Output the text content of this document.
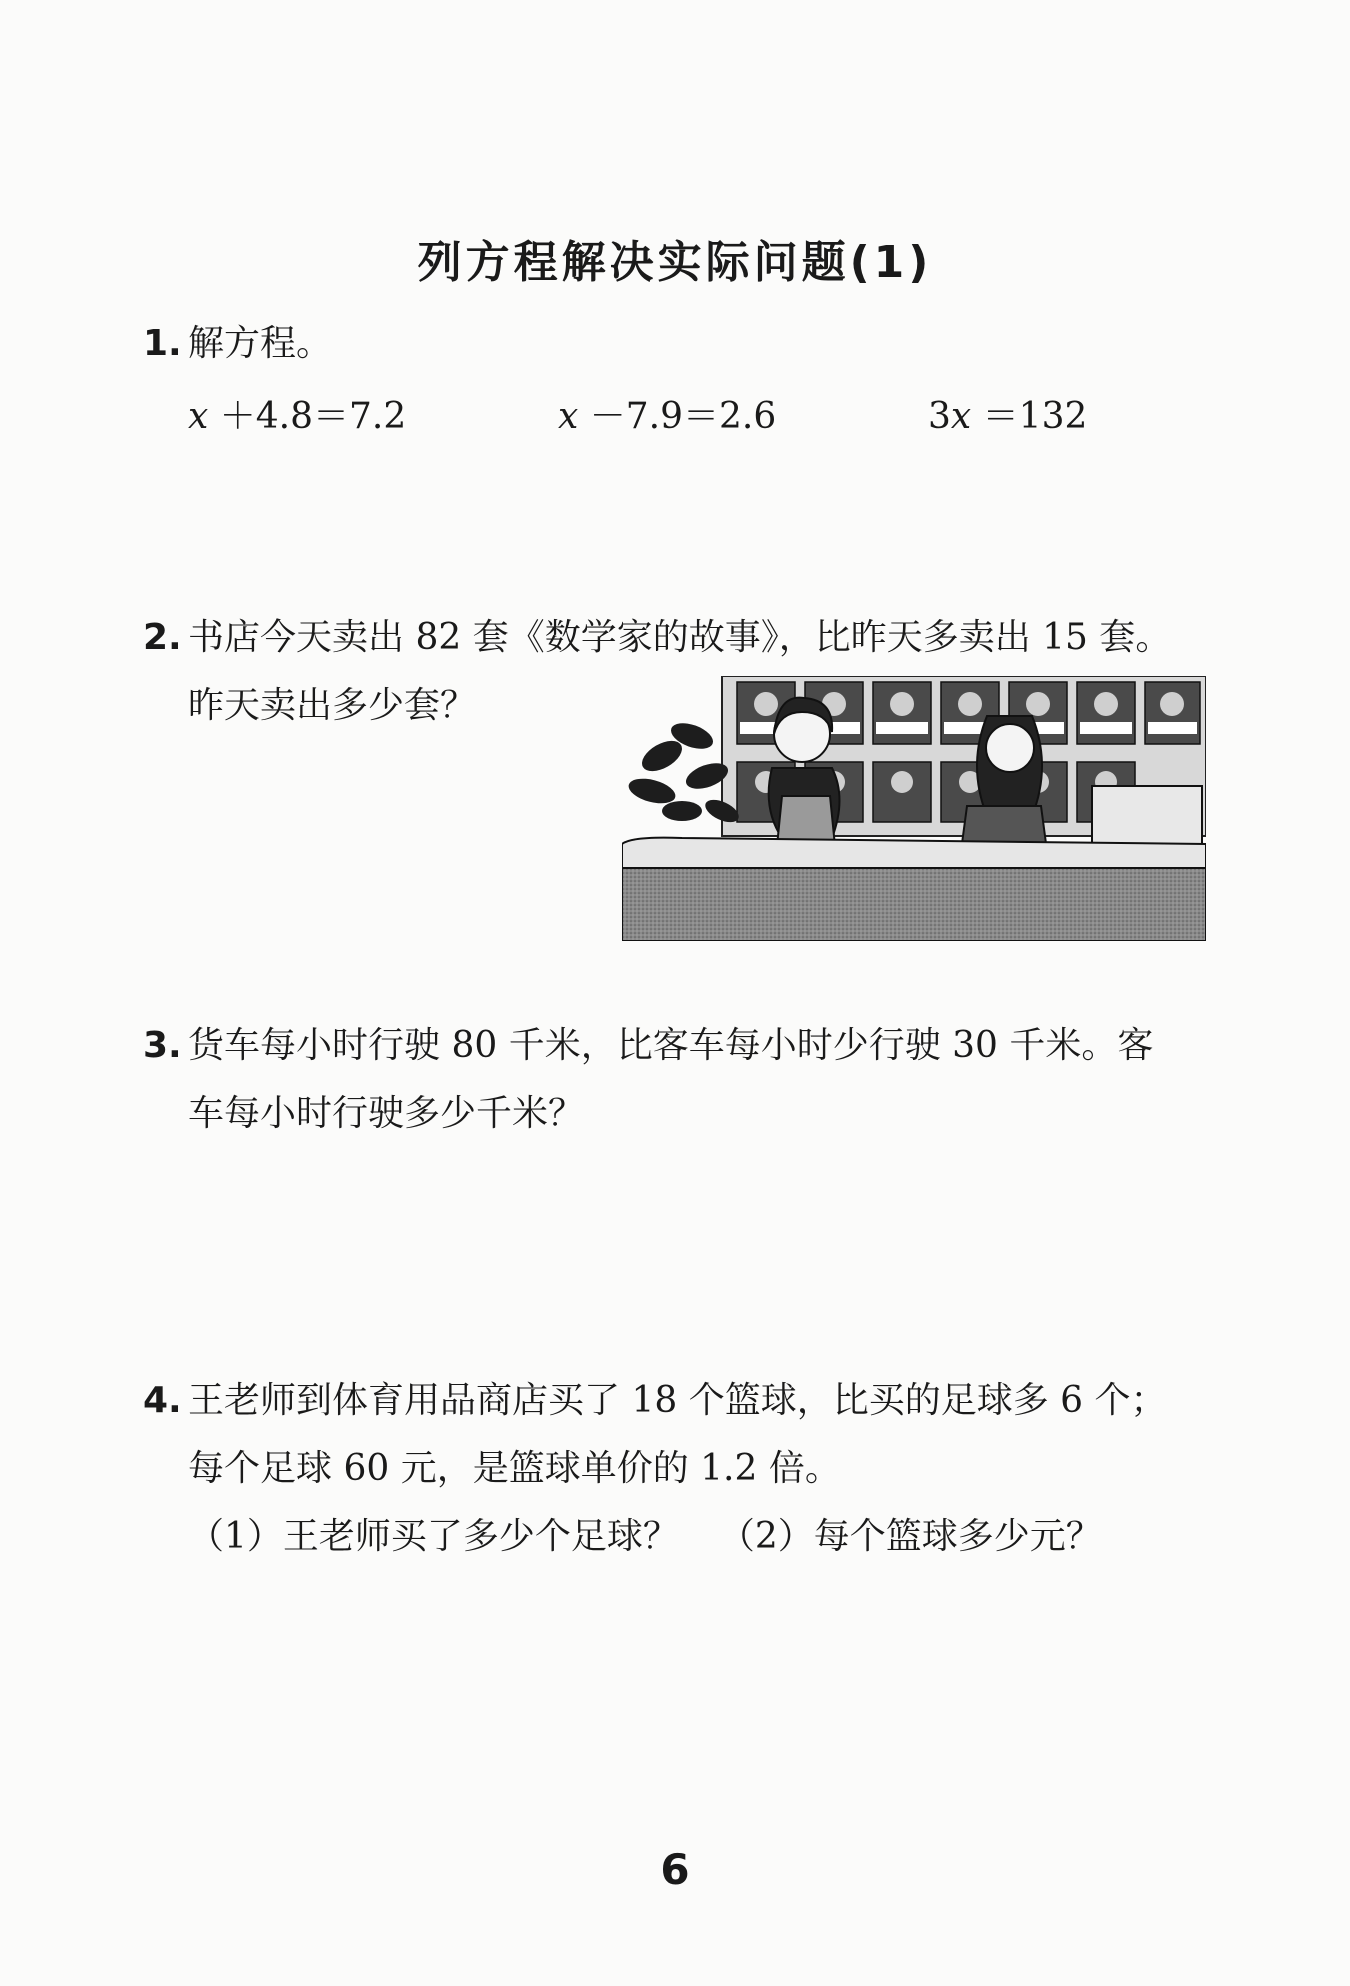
列方程解决实际问题(1)
1. 解方程。
x ＋4.8＝7.2	x －7.9＝2.6	3x ＝132
2. 书店今天卖出 82 套《数学家的故事》，比昨天多卖出 15 套。
昨天卖出多少套？
3. 货车每小时行驶 80 千米，比客车每小时少行驶 30 千米。客
车每小时行驶多少千米？
4. 王老师到体育用品商店买了 18 个篮球，比买的足球多 6 个；
每个足球 60 元，是篮球单价的 1.2 倍。
（1）王老师买了多少个足球？ （2）每个篮球多少元？
6
